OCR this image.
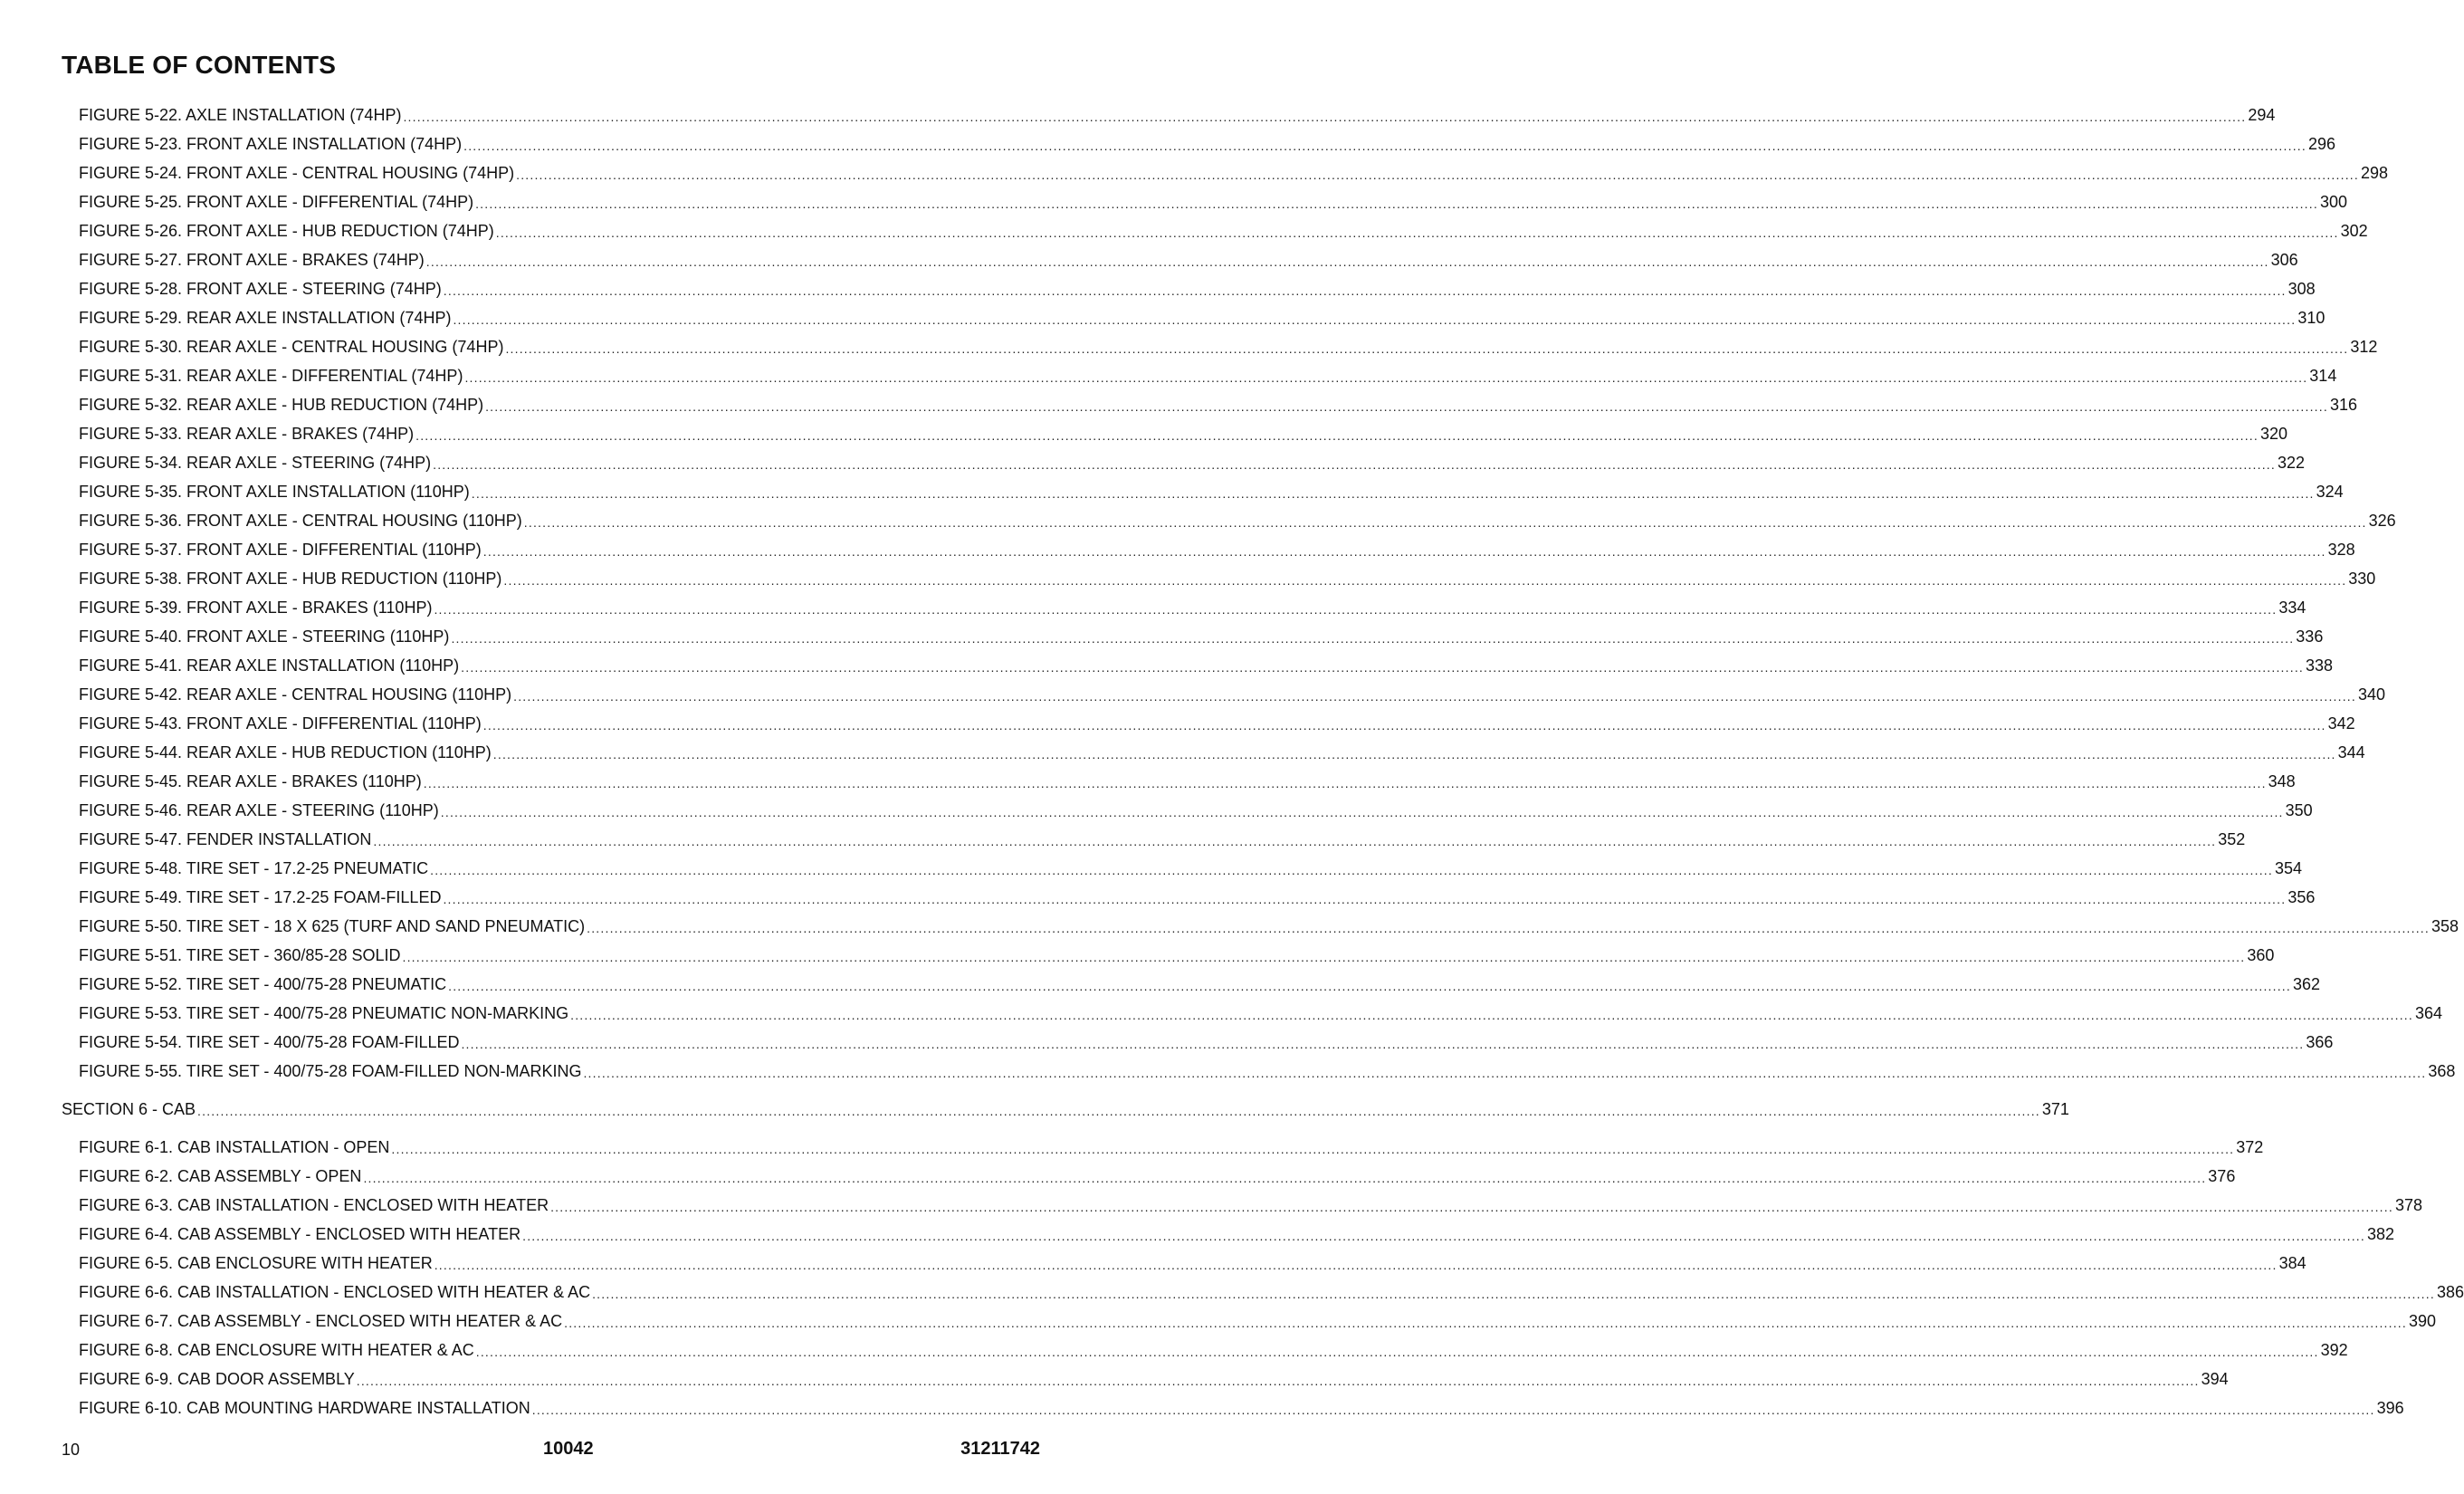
TABLE OF CONTENTS
FIGURE 5-22. AXLE INSTALLATION (74HP) ................................................................................................................................................................................................................................................................................................................................................................................................................ 294
FIGURE 5-23. FRONT AXLE INSTALLATION (74HP) ................................................................................................................................................................................................................................................................................................................................................................................................................ 296
FIGURE 5-24. FRONT AXLE - CENTRAL HOUSING (74HP) ................................................................................................................................................................................................................................................................................................................................................................................................................ 298
FIGURE 5-25. FRONT AXLE - DIFFERENTIAL (74HP) ................................................................................................................................................................................................................................................................................................................................................................................................................ 300
FIGURE 5-26. FRONT AXLE - HUB REDUCTION (74HP) ................................................................................................................................................................................................................................................................................................................................................................................................................ 302
FIGURE 5-27. FRONT AXLE - BRAKES (74HP) ................................................................................................................................................................................................................................................................................................................................................................................................................ 306
FIGURE 5-28. FRONT AXLE - STEERING (74HP) ................................................................................................................................................................................................................................................................................................................................................................................................................ 308
FIGURE 5-29. REAR AXLE INSTALLATION (74HP) ................................................................................................................................................................................................................................................................................................................................................................................................................ 310
FIGURE 5-30. REAR AXLE - CENTRAL HOUSING (74HP) ................................................................................................................................................................................................................................................................................................................................................................................................................ 312
FIGURE 5-31. REAR AXLE - DIFFERENTIAL (74HP) ................................................................................................................................................................................................................................................................................................................................................................................................................ 314
FIGURE 5-32. REAR AXLE - HUB REDUCTION (74HP) ................................................................................................................................................................................................................................................................................................................................................................................................................ 316
FIGURE 5-33. REAR AXLE - BRAKES (74HP) ................................................................................................................................................................................................................................................................................................................................................................................................................ 320
FIGURE 5-34. REAR AXLE - STEERING (74HP) ................................................................................................................................................................................................................................................................................................................................................................................................................ 322
FIGURE 5-35. FRONT AXLE INSTALLATION (110HP) ................................................................................................................................................................................................................................................................................................................................................................................................................ 324
FIGURE 5-36. FRONT AXLE - CENTRAL HOUSING (110HP) ................................................................................................................................................................................................................................................................................................................................................................................................................ 326
FIGURE 5-37. FRONT AXLE - DIFFERENTIAL (110HP) ................................................................................................................................................................................................................................................................................................................................................................................................................ 328
FIGURE 5-38. FRONT AXLE - HUB REDUCTION (110HP) ................................................................................................................................................................................................................................................................................................................................................................................................................ 330
FIGURE 5-39. FRONT AXLE - BRAKES (110HP) ................................................................................................................................................................................................................................................................................................................................................................................................................ 334
FIGURE 5-40. FRONT AXLE - STEERING (110HP) ................................................................................................................................................................................................................................................................................................................................................................................................................ 336
FIGURE 5-41. REAR AXLE INSTALLATION (110HP) ................................................................................................................................................................................................................................................................................................................................................................................................................ 338
FIGURE 5-42. REAR AXLE - CENTRAL HOUSING (110HP) ................................................................................................................................................................................................................................................................................................................................................................................................................ 340
FIGURE 5-43. FRONT AXLE - DIFFERENTIAL (110HP) ................................................................................................................................................................................................................................................................................................................................................................................................................ 342
FIGURE 5-44. REAR AXLE - HUB REDUCTION (110HP) ................................................................................................................................................................................................................................................................................................................................................................................................................ 344
FIGURE 5-45. REAR AXLE - BRAKES (110HP) ................................................................................................................................................................................................................................................................................................................................................................................................................ 348
FIGURE 5-46. REAR AXLE - STEERING (110HP) ................................................................................................................................................................................................................................................................................................................................................................................................................ 350
FIGURE 5-47. FENDER INSTALLATION ................................................................................................................................................................................................................................................................................................................................................................................................................ 352
FIGURE 5-48. TIRE SET - 17.2-25 PNEUMATIC ................................................................................................................................................................................................................................................................................................................................................................................................................ 354
FIGURE 5-49. TIRE SET - 17.2-25 FOAM-FILLED ................................................................................................................................................................................................................................................................................................................................................................................................................ 356
FIGURE 5-50. TIRE SET - 18 X 625 (TURF AND SAND PNEUMATIC) ................................................................................................................................................................................................................................................................................................................................................................................................................ 358
FIGURE 5-51. TIRE SET - 360/85-28 SOLID ................................................................................................................................................................................................................................................................................................................................................................................................................ 360
FIGURE 5-52. TIRE SET - 400/75-28 PNEUMATIC ................................................................................................................................................................................................................................................................................................................................................................................................................ 362
FIGURE 5-53. TIRE SET - 400/75-28 PNEUMATIC NON-MARKING ................................................................................................................................................................................................................................................................................................................................................................................................................ 364
FIGURE 5-54. TIRE SET - 400/75-28 FOAM-FILLED ................................................................................................................................................................................................................................................................................................................................................................................................................ 366
FIGURE 5-55. TIRE SET - 400/75-28 FOAM-FILLED NON-MARKING ................................................................................................................................................................................................................................................................................................................................................................................................................ 368
SECTION 6 - CAB ................................................................................................................................................................................................................................................................................................................................................................................................................ 371
FIGURE 6-1. CAB INSTALLATION - OPEN ................................................................................................................................................................................................................................................................................................................................................................................................................ 372
FIGURE 6-2. CAB ASSEMBLY - OPEN ................................................................................................................................................................................................................................................................................................................................................................................................................ 376
FIGURE 6-3. CAB INSTALLATION - ENCLOSED WITH HEATER ................................................................................................................................................................................................................................................................................................................................................................................................................ 378
FIGURE 6-4. CAB ASSEMBLY - ENCLOSED WITH HEATER ................................................................................................................................................................................................................................................................................................................................................................................................................ 382
FIGURE 6-5. CAB ENCLOSURE WITH HEATER ................................................................................................................................................................................................................................................................................................................................................................................................................ 384
FIGURE 6-6. CAB INSTALLATION - ENCLOSED WITH HEATER & AC ................................................................................................................................................................................................................................................................................................................................................................................................................ 386
FIGURE 6-7. CAB ASSEMBLY - ENCLOSED WITH HEATER & AC ................................................................................................................................................................................................................................................................................................................................................................................................................ 390
FIGURE 6-8. CAB ENCLOSURE WITH HEATER & AC ................................................................................................................................................................................................................................................................................................................................................................................................................ 392
FIGURE 6-9. CAB DOOR ASSEMBLY ................................................................................................................................................................................................................................................................................................................................................................................................................ 394
FIGURE 6-10. CAB MOUNTING HARDWARE INSTALLATION ................................................................................................................................................................................................................................................................................................................................................................................................................ 396
10	10042	31211742
